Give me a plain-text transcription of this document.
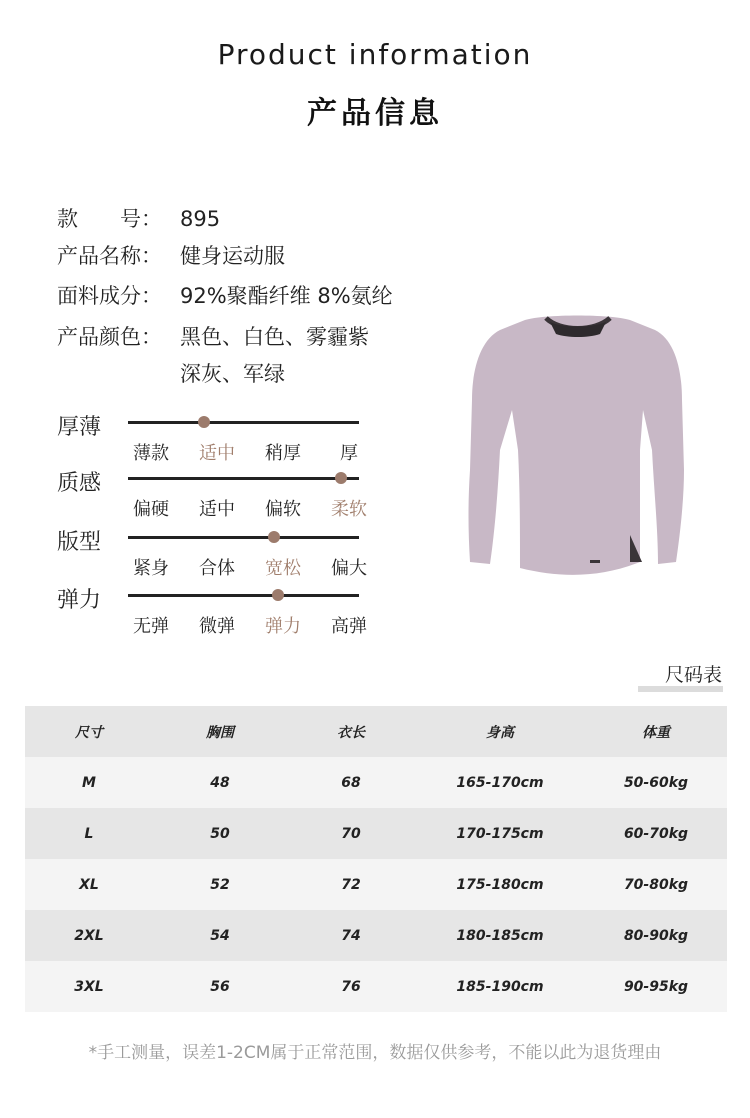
Product information
产品信息
款　　号： 895
产品名称： 健身运动服
面料成分： 92%聚酯纤维 8%氨纶
产品颜色： 黑色、白色、雾霾紫
深灰、军绿
厚薄
薄款	适中	稍厚	厚
质感
偏硬	适中	偏软	柔软
版型
紧身	合体	宽松	偏大
弹力
无弹	微弹	弹力	高弹
尺码表
尺寸	胸围	衣长	身高	体重
M	48	68	165-170cm	50-60kg
L	50	70	170-175cm	60-70kg
XL	52	72	175-180cm	70-80kg
2XL	54	74	180-185cm	80-90kg
3XL	56	76	185-190cm	90-95kg
*手工测量，误差1-2CM属于正常范围，数据仅供参考，不能以此为退货理由
